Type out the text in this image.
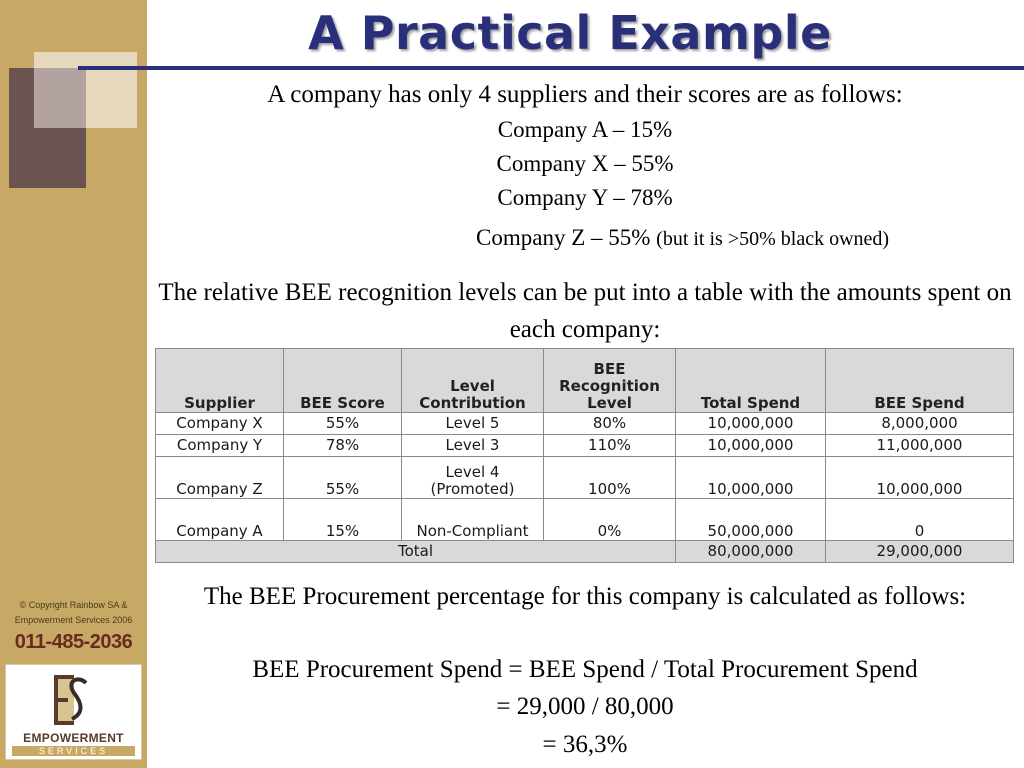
© Copyright Rainbow SA & Empowerment Services 2006
011-485-2036
EMPOWERMENT
SERVICES
A Practical Example
A company has only 4 suppliers and their scores are as follows:
Company A – 15%
Company X – 55%
Company Y – 78%
Company Z – 55% (but it is >50% black owned)
The relative BEE recognition levels can be put into a table with the amounts spent on each company:
Supplier	BEE Score	Level Contribution	BEE Recognition Level	Total Spend	BEE Spend
Company X	55%	Level 5	80%	10,000,000	8,000,000
Company Y	78%	Level 3	110%	10,000,000	11,000,000
Company Z	55%	Level 4 (Promoted)	100%	10,000,000	10,000,000
Company A	15%	Non-Compliant	0%	50,000,000	0
Total				80,000,000	29,000,000
The BEE Procurement percentage for this company is calculated as follows:
BEE Procurement Spend = BEE Spend / Total Procurement Spend
= 29,000 / 80,000
= 36,3%
